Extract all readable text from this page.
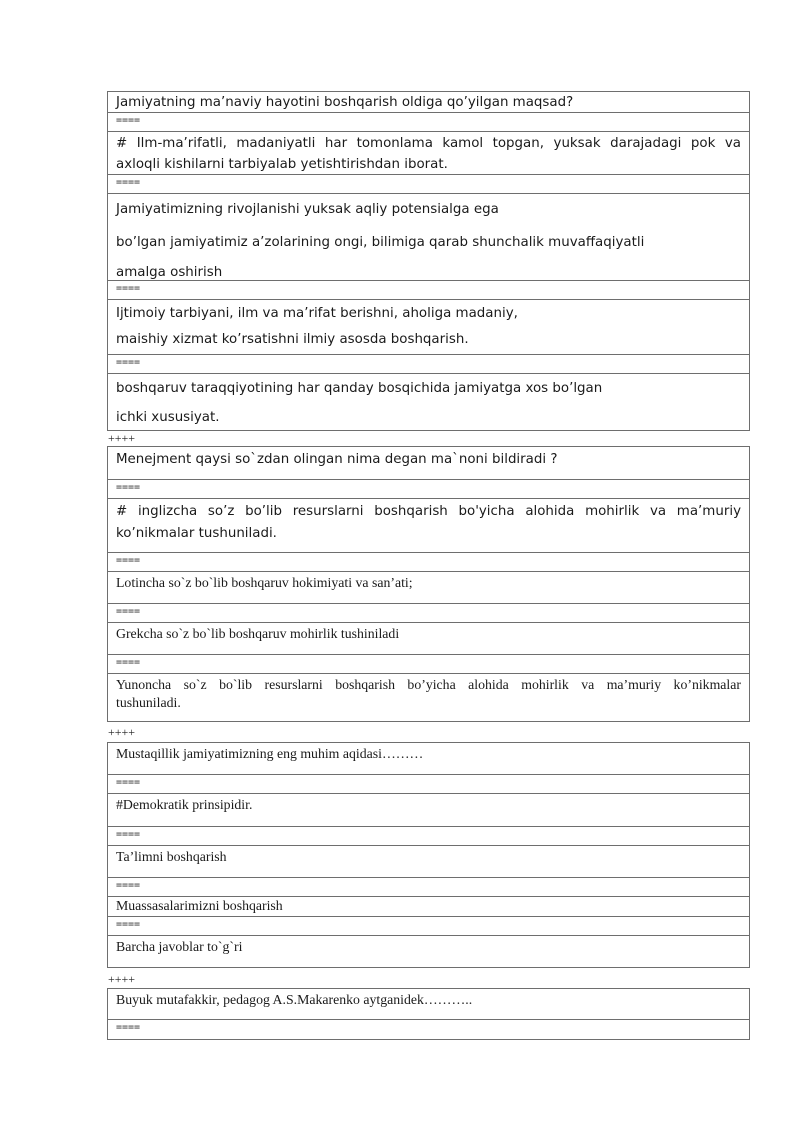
Jamiyatning ma’naviy hayotini boshqarish oldiga qo’yilgan maqsad?
====
# Ilm-ma’rifatli, madaniyatli har tomonlama kamol topgan, yuksak darajadagi pok va
axloqli kishilarni tarbiyalab yetishtirishdan iborat.
====
Jamiyatimizning rivojlanishi yuksak aqliy potensialga ega
bo’lgan jamiyatimiz a’zolarining ongi, bilimiga qarab shunchalik muvaffaqiyatli
amalga oshirish
====
Ijtimoiy tarbiyani, ilm va ma’rifat berishni, aholiga madaniy,
maishiy xizmat ko’rsatishni ilmiy asosda boshqarish.
====
boshqaruv taraqqiyotining har qanday bosqichida jamiyatga xos bo’lgan
ichki xususiyat.
++++
Menejment qaysi so`zdan olingan nima degan ma`noni bildiradi ?
====
# inglizcha so’z bo’lib resurslarni boshqarish bo'yicha alohida mohirlik va ma’muriy
ko’nikmalar tushuniladi.
====
Lotincha so`z bo`lib boshqaruv hokimiyati va san’ati;
====
Grekcha so`z bo`lib boshqaruv mohirlik tushiniladi
====
Yunoncha so`z bo`lib resurslarni boshqarish bo’yicha alohida mohirlik va ma’muriy ko’nikmalar
tushuniladi.
++++
Mustaqillik jamiyatimizning eng muhim aqidasi………
====
#Demokratik prinsipidir.
====
Ta’limni boshqarish
====
Muassasalarimizni boshqarish
====
Barcha javoblar to`g`ri
++++
Buyuk mutafakkir, pedagog A.S.Makarenko aytganidek………..
====
